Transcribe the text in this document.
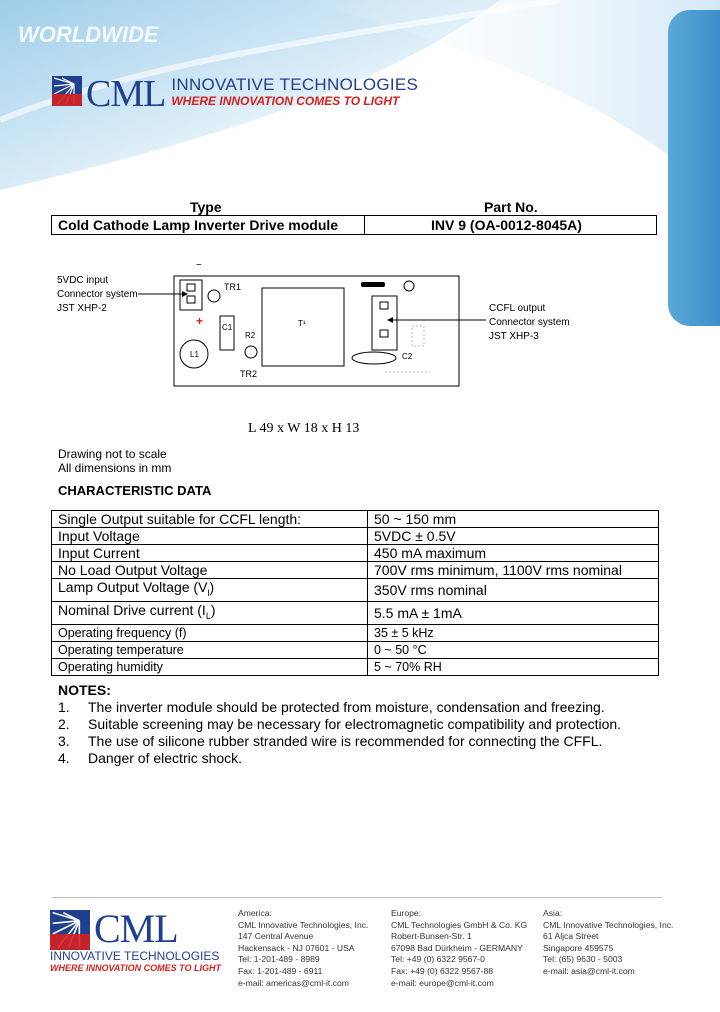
WORLDWIDE
CML INNOVATIVE TECHNOLOGIES
WHERE INNOVATION COMES TO LIGHT
Type	Part No.
Cold Cathode Lamp Inverter Drive module	INV 9 (OA-0012-8045A)
5VDC input
Connector system
JST XHP-2	CCFL output
Connector system
JST XHP-3
−
+
TR1
C1
L1
R2
TR2
T¹
C2
L 49 x W 18 x H 13
Drawing not to scale
All dimensions in mm
CHARACTERISTIC DATA
Single Output suitable for CCFL length:	50 ~ 150 mm
Input Voltage	5VDC ± 0.5V
Input Current	450 mA maximum
No Load Output Voltage	700V rms minimum, 1100V rms nominal
Lamp Output Voltage $(V_l)$	350V rms nominal
Nominal Drive current $(I_L)$	5.5 mA ± 1mA
Operating frequency (f)	35 ± 5 kHz
Operating temperature	0 ~ 50 °C
Operating humidity	5 ~ 70% RH
NOTES:
1.	The inverter module should be protected from moisture, condensation and freezing.
2.	Suitable screening may be necessary for electromagnetic compatibility and protection.
3.	The use of silicone rubber stranded wire is recommended for connecting the CFFL.
4.	Danger of electric shock.
CML
INNOVATIVE TECHNOLOGIES
WHERE INNOVATION COMES TO LIGHT
America:
CML Innovative Technologies, Inc.
147 Central Avenue
Hackensack - NJ 07601 - USA
Tel: 1-201-489 - 8989
Fax: 1-201-489 - 6911
e-mail: americas@cml-it.com
Europe:
CML Technologies GmbH & Co. KG
Robert-Bunsen-Str. 1
67098 Bad Dürkheim - GERMANY
Tel: +49 (0) 6322 9567-0
Fax: +49 (0) 6322 9567-88
e-mail: europe@cml-it.com
Asia:
CML Innovative Technologies, Inc.
61 Aljca Street
Singapore 459575
Tel: (65) 9630 - 5003
e-mail: asia@cml-it.com
